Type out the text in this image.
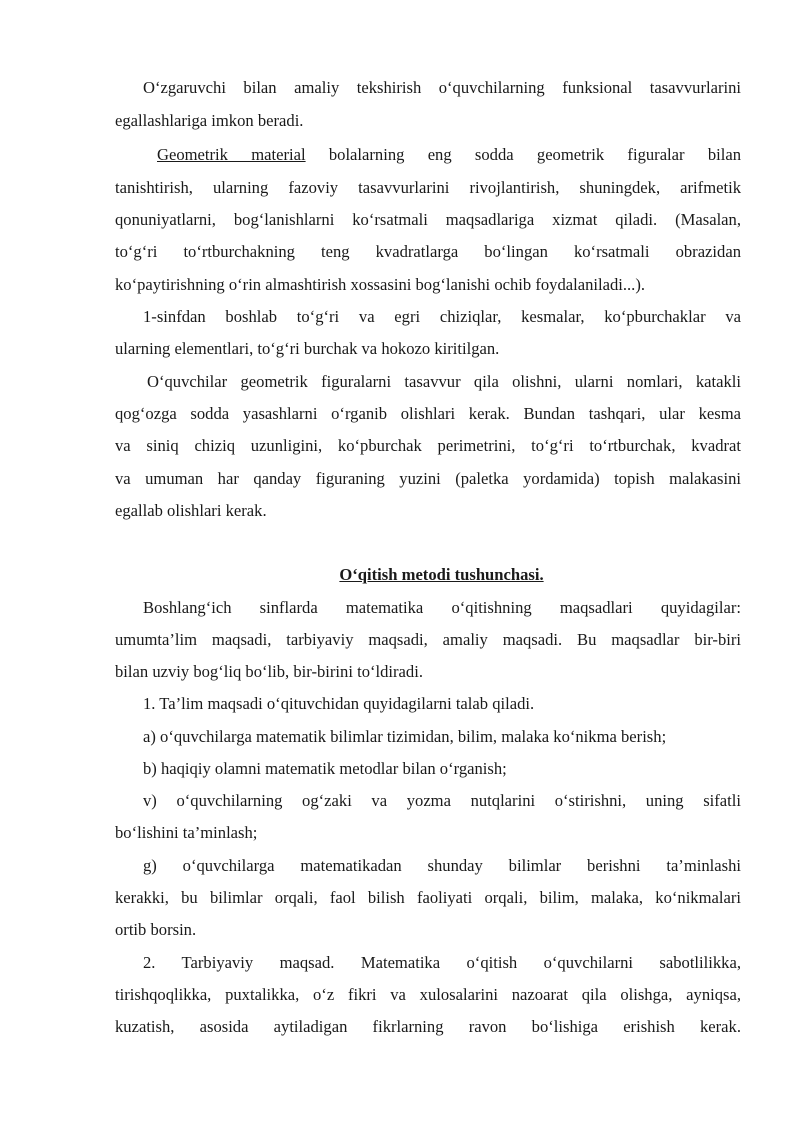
O‘zgaruvchi bilan amaliy tekshirish o‘quvchilarning funksional tasavvurlarini
egallashlariga imkon beradi.
Geometrik material bolalarning eng sodda geometrik figuralar bilan
tanishtirish, ularning fazoviy tasavvurlarini rivojlantirish, shuningdek, arifmetik
qonuniyatlarni, bog‘lanishlarni ko‘rsatmali maqsadlariga xizmat qiladi. (Masalan,
to‘g‘ri to‘rtburchakning teng kvadratlarga bo‘lingan ko‘rsatmali obrazidan
ko‘paytirishning o‘rin almashtirish xossasini bog‘lanishi ochib foydalaniladi...).
1-sinfdan boshlab to‘g‘ri va egri chiziqlar, kesmalar, ko‘pburchaklar va
ularning elementlari, to‘g‘ri burchak va hokozo kiritilgan.
O‘quvchilar geometrik figuralarni tasavvur qila olishni, ularni nomlari, katakli
qog‘ozga sodda yasashlarni o‘rganib olishlari kerak. Bundan tashqari, ular kesma
va siniq chiziq uzunligini, ko‘pburchak perimetrini, to‘g‘ri to‘rtburchak, kvadrat
va umuman har qanday figuraning yuzini (paletka yordamida) topish malakasini
egallab olishlari kerak.
O‘qitish metodi tushunchasi.
Boshlang‘ich sinflarda matematika o‘qitishning maqsadlari quyidagilar:
umumta’lim maqsadi, tarbiyaviy maqsadi, amaliy maqsadi. Bu maqsadlar bir-biri
bilan uzviy bog‘liq bo‘lib, bir-birini to‘ldiradi.
1. Ta’lim maqsadi o‘qituvchidan quyidagilarni talab qiladi.
a) o‘quvchilarga matematik bilimlar tizimidan, bilim, malaka ko‘nikma berish;
b) haqiqiy olamni matematik metodlar bilan o‘rganish;
v) o‘quvchilarning og‘zaki va yozma nutqlarini o‘stirishni, uning sifatli
bo‘lishini ta’minlash;
g) o‘quvchilarga matematikadan shunday bilimlar berishni ta’minlashi
kerakki, bu bilimlar orqali, faol bilish faoliyati orqali, bilim, malaka, ko‘nikmalari
ortib borsin.
2. Tarbiyaviy maqsad. Matematika o‘qitish o‘quvchilarni sabotlilikka,
tirishqoqlikka, puxtalikka, o‘z fikri va xulosalarini nazoarat qila olishga, ayniqsa,
kuzatish, asosida aytiladigan fikrlarning ravon bo‘lishiga erishish kerak.
